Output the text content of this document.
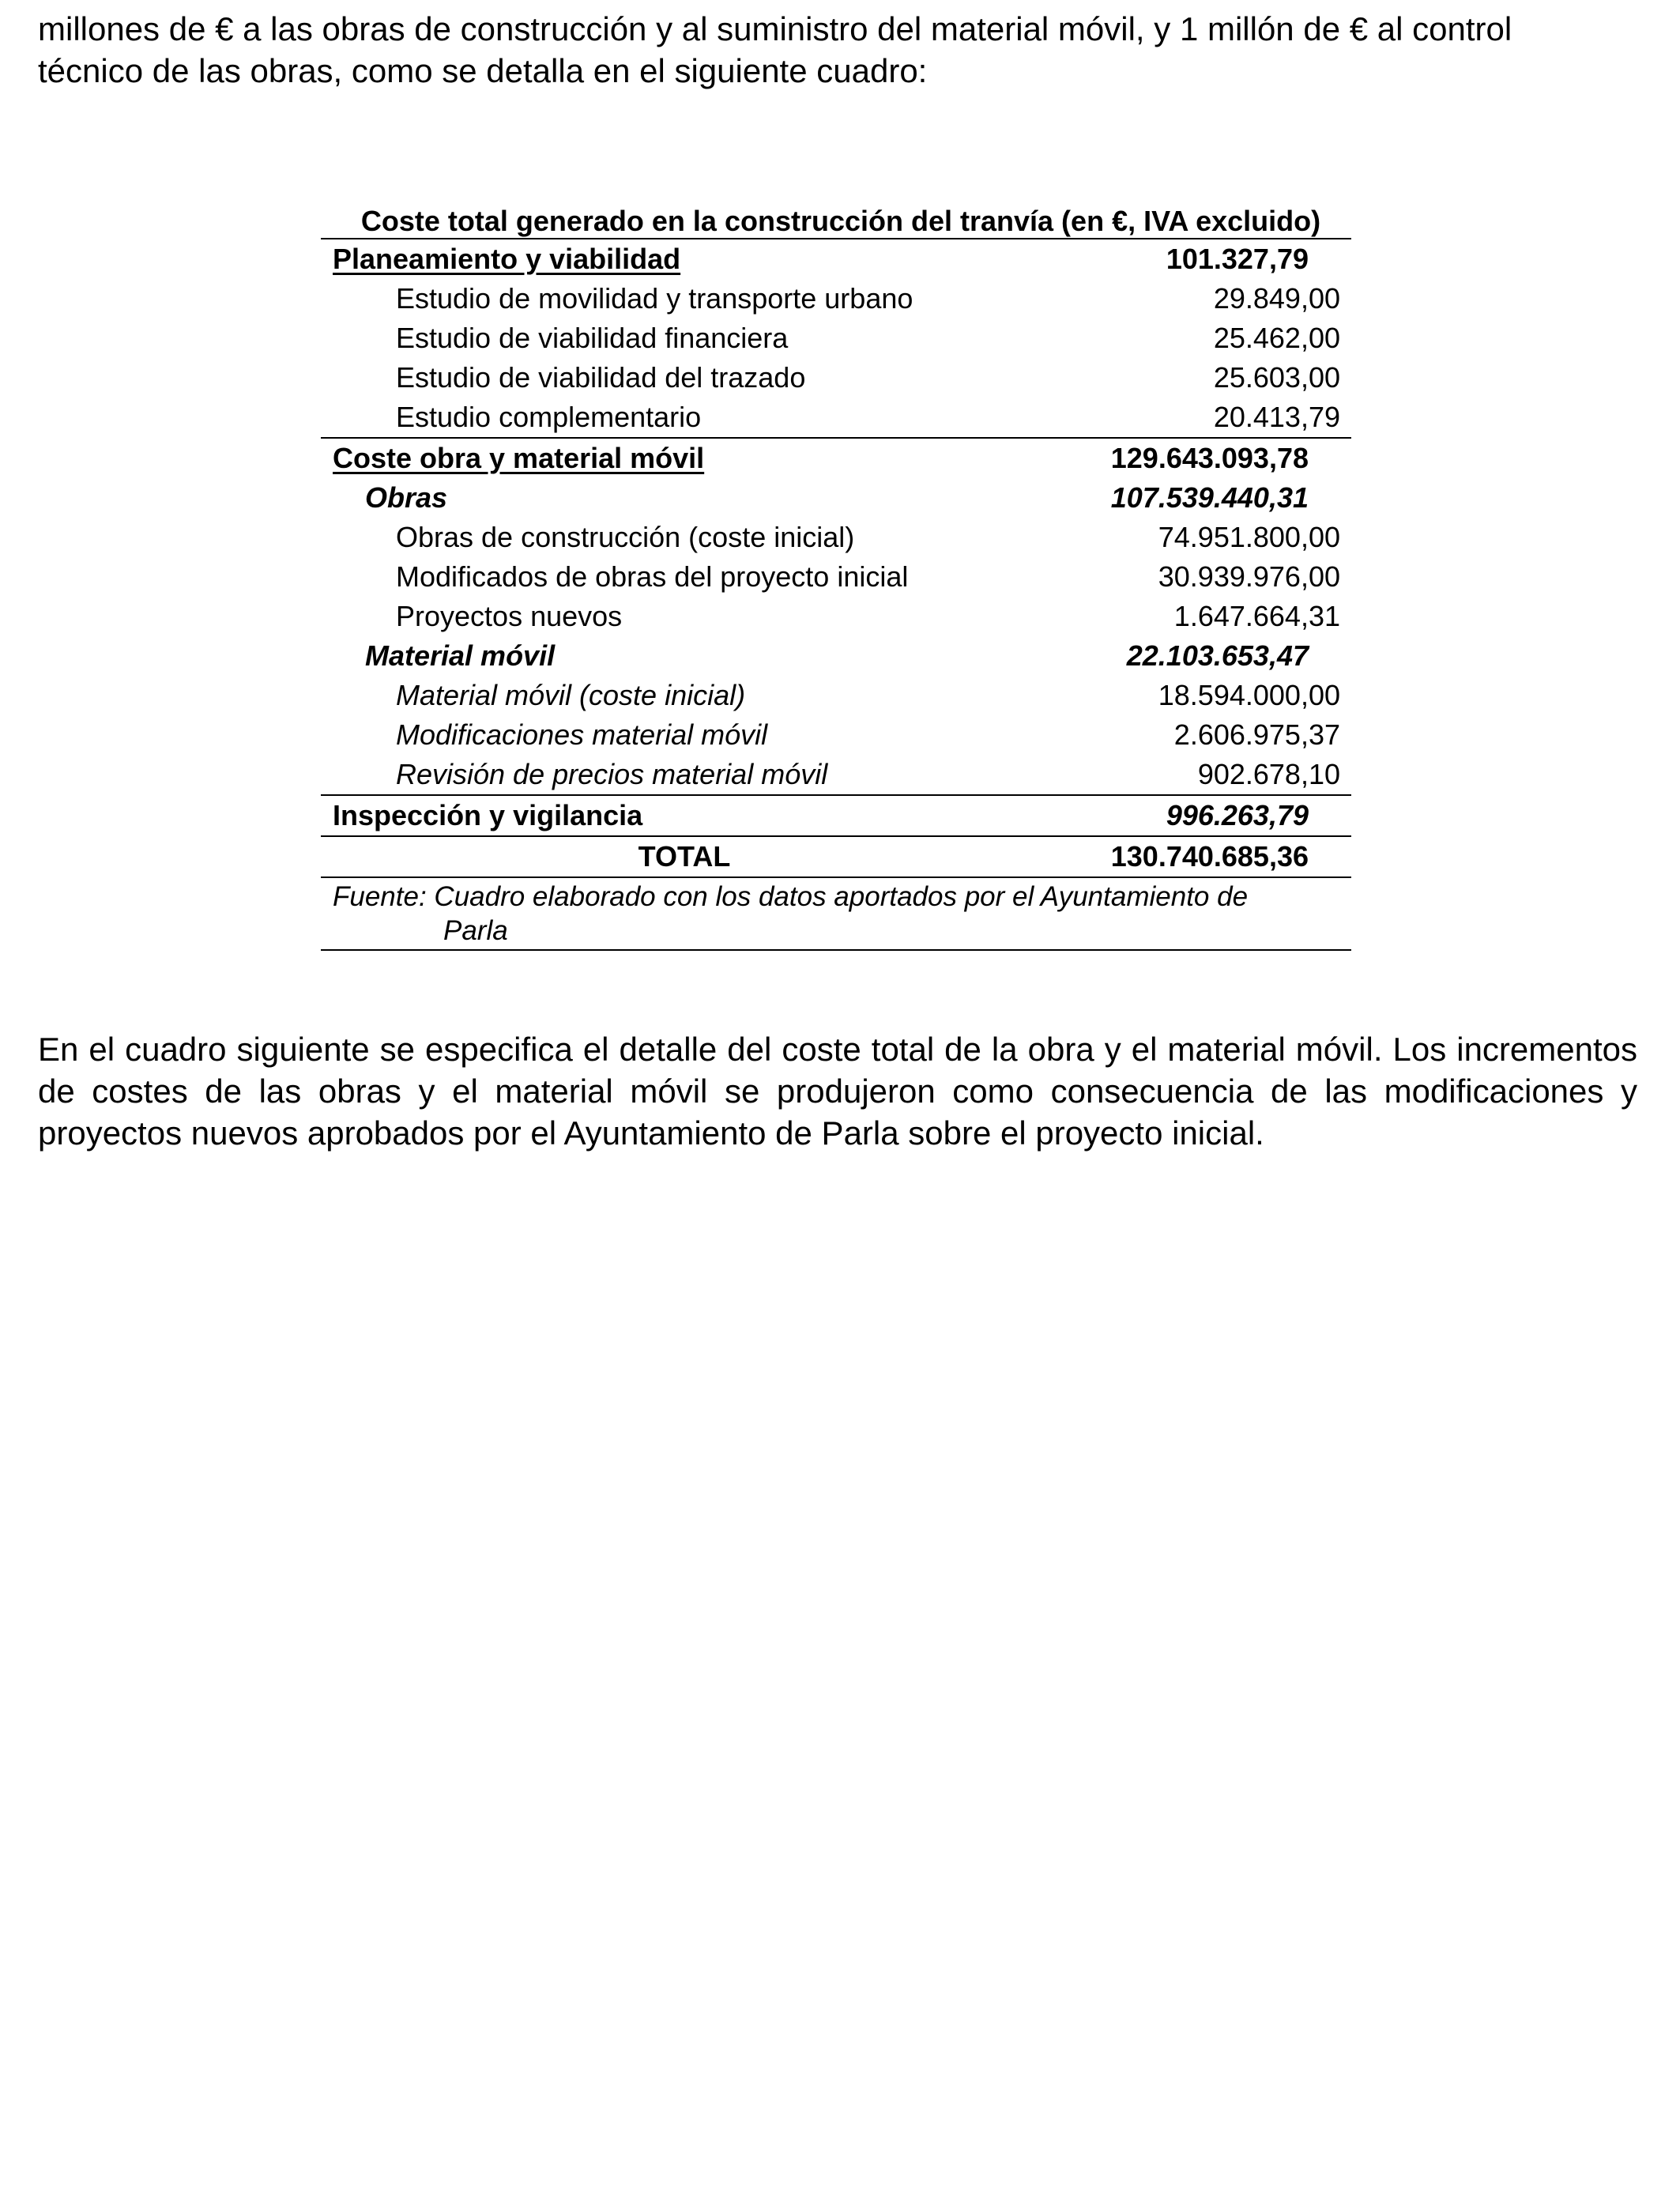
millones de € a las obras de construcción y al suministro del material móvil, y 1 millón de € al control
técnico de las obras, como se detalla en el siguiente cuadro:

Coste total generado en la construcción del tranvía (en €, IVA excluido)
Planeamiento y viabilidad	101.327,79
Estudio de movilidad y transporte urbano	29.849,00
Estudio de viabilidad financiera	25.462,00
Estudio de viabilidad del trazado	25.603,00
Estudio complementario	20.413,79
Coste obra y material móvil	129.643.093,78
Obras	107.539.440,31
Obras de construcción (coste inicial)	74.951.800,00
Modificados de obras del proyecto inicial	30.939.976,00
Proyectos nuevos	1.647.664,31
Material móvil	22.103.653,47
Material móvil (coste inicial)	18.594.000,00
Modificaciones material móvil	2.606.975,37
Revisión de precios material móvil	902.678,10
Inspección y vigilancia	996.263,79
TOTAL	130.740.685,36
Fuente: Cuadro elaborado con los datos aportados por el Ayuntamiento de
Parla

En el cuadro siguiente se especifica el detalle del coste total de la obra y el material móvil. Los incrementos de costes de las obras y el material móvil se produjeron como consecuencia de las modificaciones y proyectos nuevos aprobados por el Ayuntamiento de Parla sobre el proyecto inicial.
